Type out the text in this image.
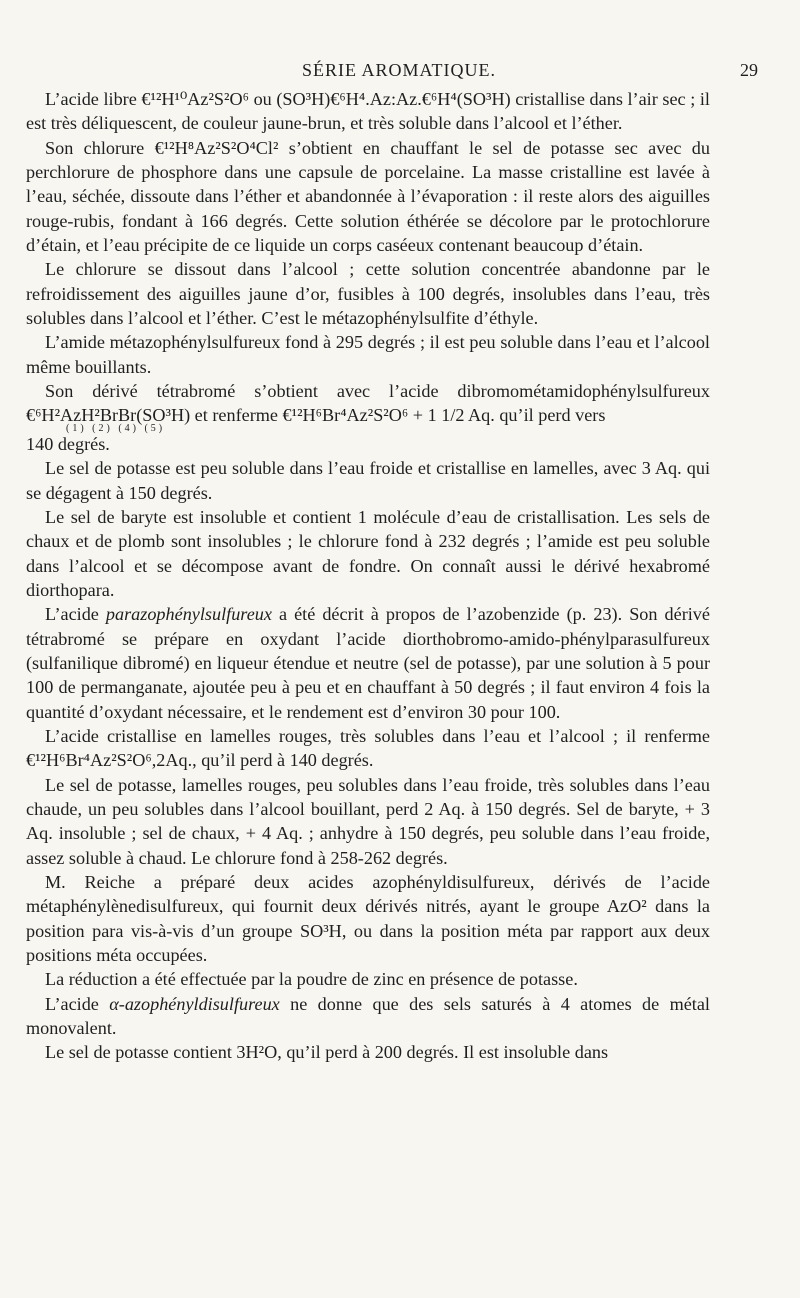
SÉRIE AROMATIQUE.	29

L’acide libre €¹²H¹⁰Az²S²O⁶ ou (SO³H)€⁶H⁴.Az:Az.€⁶H⁴(SO³H) cristallise dans l’air sec ; il est très déliquescent, de couleur jaune-brun, et très soluble dans l’alcool et l’éther.

Son chlorure €¹²H⁸Az²S²O⁴Cl² s’obtient en chauffant le sel de potasse sec avec du perchlorure de phosphore dans une capsule de porcelaine. La masse cristalline est lavée à l’eau, séchée, dissoute dans l’éther et abandonnée à l’évaporation : il reste alors des aiguilles rouge-rubis, fondant à 166 degrés. Cette solution éthérée se décolore par le protochlorure d’étain, et l’eau précipite de ce liquide un corps caséeux contenant beaucoup d’étain.

Le chlorure se dissout dans l’alcool ; cette solution concentrée abandonne par le refroidissement des aiguilles jaune d’or, fusibles à 100 degrés, insolubles dans l’eau, très solubles dans l’alcool et l’éther. C’est le métazophénylsulfite d’éthyle.

L’amide métazophénylsulfureux fond à 295 degrés ; il est peu soluble dans l’eau et l’alcool même bouillants.

Son dérivé tétrabromé s’obtient avec l’acide dibromométamidophénylsulfureux €⁶H²AzH²BrBr(SO³H) et renferme €¹²H⁶Br⁴Az²S²O⁶ + 1 1/2 Aq. qu’il perd vers

(1) (2) (4) (5)

140 degrés.

Le sel de potasse est peu soluble dans l’eau froide et cristallise en lamelles, avec 3 Aq. qui se dégagent à 150 degrés.

Le sel de baryte est insoluble et contient 1 molécule d’eau de cristallisation. Les sels de chaux et de plomb sont insolubles ; le chlorure fond à 232 degrés ; l’amide est peu soluble dans l’alcool et se décompose avant de fondre. On connaît aussi le dérivé hexabromé diorthopara.

L’acide parazophénylsulfureux a été décrit à propos de l’azobenzide (p. 23). Son dérivé tétrabromé se prépare en oxydant l’acide diorthobromo-amido-phénylparasulfureux (sulfanilique dibromé) en liqueur étendue et neutre (sel de potasse), par une solution à 5 pour 100 de permanganate, ajoutée peu à peu et en chauffant à 50 degrés ; il faut environ 4 fois la quantité d’oxydant nécessaire, et le rendement est d’environ 30 pour 100.

L’acide cristallise en lamelles rouges, très solubles dans l’eau et l’alcool ; il renferme €¹²H⁶Br⁴Az²S²O⁶,2Aq., qu’il perd à 140 degrés.

Le sel de potasse, lamelles rouges, peu solubles dans l’eau froide, très solubles dans l’eau chaude, un peu solubles dans l’alcool bouillant, perd 2 Aq. à 150 degrés. Sel de baryte, + 3 Aq. insoluble ; sel de chaux, + 4 Aq. ; anhydre à 150 degrés, peu soluble dans l’eau froide, assez soluble à chaud. Le chlorure fond à 258-262 degrés.

M. Reiche a préparé deux acides azophényldisulfureux, dérivés de l’acide métaphénylènedisulfureux, qui fournit deux dérivés nitrés, ayant le groupe AzO² dans la position para vis-à-vis d’un groupe SO³H, ou dans la position méta par rapport aux deux positions méta occupées.

La réduction a été effectuée par la poudre de zinc en présence de potasse.

L’acide α-azophényldisulfureux ne donne que des sels saturés à 4 atomes de métal monovalent.

Le sel de potasse contient 3H²O, qu’il perd à 200 degrés. Il est insoluble dans
